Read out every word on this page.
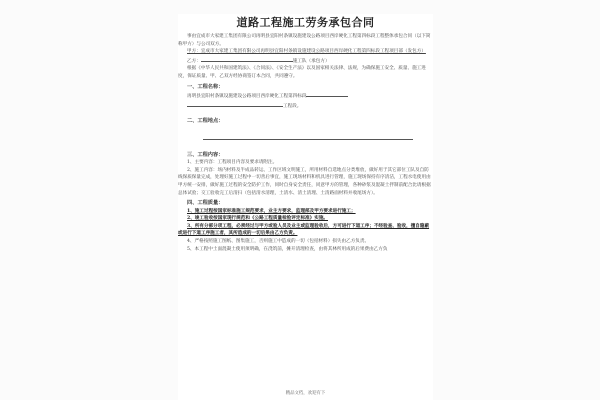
道路工程施工劳务承包合同

事由宜成市大家建工集团有限公司再明县宜阳村条镇设施建设公路项目西岸硬化工程第四标段工程整体承包合同（以下简称甲方）与公司双方。

甲方：宜成市大家建工集团有限公司再明县宜阳村条镇设施建设公路项目西岸硬化工程第四标段工程项目部（发包方）

乙方：	施工队（承包方）

根据《中华人民共和国建筑法》、《合同法》、《安全生产法》以及国家相关法律、法规，为确保施工安全、质量、施工进度，保证质量、甲、乙双方经协商签订本合同，共同遵守。

一、工程名称：

再明县宜阳村条镇设施建设公路项目西岸硬化工程第四标段

工程段。

二、工程地点：

三、工程内容：

1、主要内容：工程项目内容及要求请附注。

2、施工内容：场内材料及半成品转运、工作区域文明施工，所用材料自选地点分类堆放，做好用于其它部位工队及自防线保质保量完成，处理好施工过程中一切善后事宜，施工现场材料和机具进行管理，施工现场保持有序清洁，工程水电使用由甲方统一安排，做好施工过程的安全防护工作，同时自身安全责任，同意甲方的管理，各种砂浆及混凝土拌制前配合比请根据总体试验；交工验收完工后清扫（包括清水清理，土清水、清土清理、土清路面材料并收尾场方）。

四、工程质量：

1、施工过程按国家标准施工规范要求，业主方要求，监理部及甲方要求进行施工；

2、竣工验收按国家现行规范和《公路工程质量检验评定标准》实施。

3、所有分部分项工程，必须经过与甲方或验人员及业主或监理验收后，方可进行下道工序；不经验查、验收，擅自隐蔽或进行下道工序施工者，其所造成的一切后果由乙方负责。

4、严格按照施工图纸、图集施工，否则施工中造成的一切（包括材料）损失由乙方负责。

5、本工程中土面混凝土使用须明确，在浇筑前，摊开清理检查，由将其林所用成的后果费由乙方负

精品文档，欢迎有下
